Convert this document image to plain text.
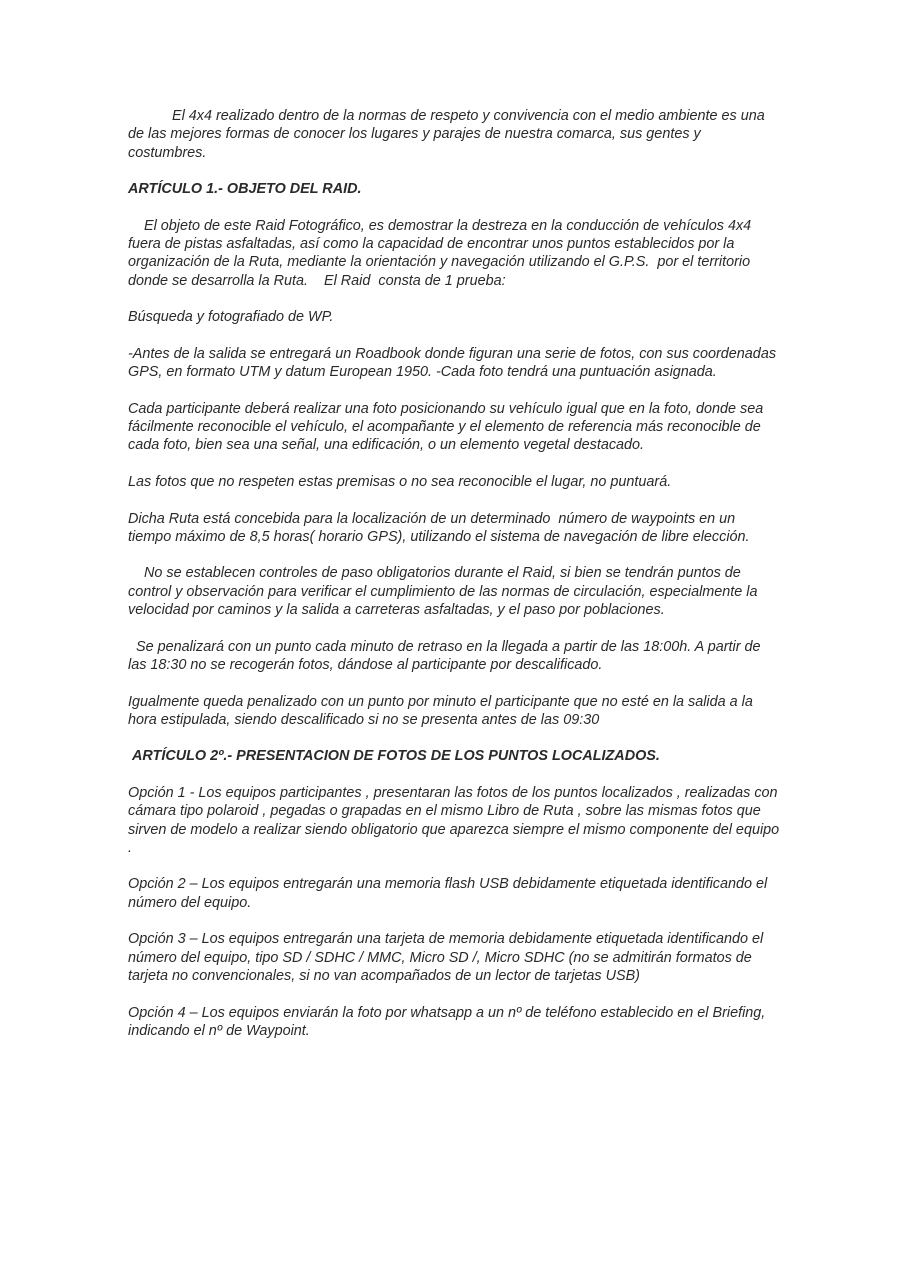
El 4x4 realizado dentro de la normas de respeto y convivencia con el medio ambiente es una de las mejores formas de conocer los lugares y parajes de nuestra comarca, sus gentes y costumbres.

ARTÍCULO 1.- OBJETO DEL RAID.

El objeto de este Raid Fotográfico, es demostrar la destreza en la conducción de vehículos 4x4 fuera de pistas asfaltadas, así como la capacidad de encontrar unos puntos establecidos por la organización de la Ruta, mediante la orientación y navegación utilizando el G.P.S.  por el territorio donde se desarrolla la Ruta.    El Raid  consta de 1 prueba:

Búsqueda y fotografiado de WP.

-Antes de la salida se entregará un Roadbook donde figuran una serie de fotos, con sus coordenadas GPS, en formato UTM y datum European 1950. -Cada foto tendrá una puntuación asignada.

Cada participante deberá realizar una foto posicionando su vehículo igual que en la foto, donde sea fácilmente reconocible el vehículo, el acompañante y el elemento de referencia más reconocible de cada foto, bien sea una señal, una edificación, o un elemento vegetal destacado.

Las fotos que no respeten estas premisas o no sea reconocible el lugar, no puntuará.

Dicha Ruta está concebida para la localización de un determinado  número de waypoints en un tiempo máximo de 8,5 horas( horario GPS), utilizando el sistema de navegación de libre elección.

No se establecen controles de paso obligatorios durante el Raid, si bien se tendrán puntos de control y observación para verificar el cumplimiento de las normas de circulación, especialmente la velocidad por caminos y la salida a carreteras asfaltadas, y el paso por poblaciones.

Se penalizará con un punto cada minuto de retraso en la llegada a partir de las 18:00h. A partir de las 18:30 no se recogerán fotos, dándose al participante por descalificado.

Igualmente queda penalizado con un punto por minuto el participante que no esté en la salida a la hora estipulada, siendo descalificado si no se presenta antes de las 09:30

ARTÍCULO 2º.- PRESENTACION DE FOTOS DE LOS PUNTOS LOCALIZADOS.

Opción 1 - Los equipos participantes , presentaran las fotos de los puntos localizados , realizadas con cámara tipo polaroid , pegadas o grapadas en el mismo Libro de Ruta , sobre las mismas fotos que sirven de modelo a realizar siendo obligatorio que aparezca siempre el mismo componente del equipo .

Opción 2 – Los equipos entregarán una memoria flash USB debidamente etiquetada identificando el número del equipo.

Opción 3 – Los equipos entregarán una tarjeta de memoria debidamente etiquetada identificando el número del equipo, tipo SD / SDHC / MMC, Micro SD /, Micro SDHC (no se admitirán formatos de tarjeta no convencionales, si no van acompañados de un lector de tarjetas USB)

Opción 4 – Los equipos enviarán la foto por whatsapp a un nº de teléfono establecido en el Briefing, indicando el nº de Waypoint.
